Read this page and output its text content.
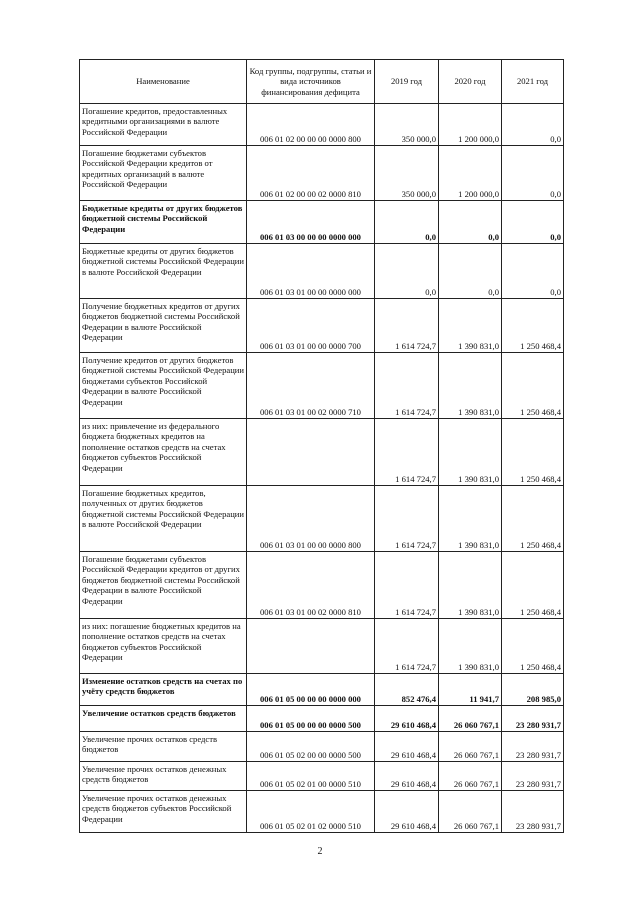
Наименование	Код группы, подгруппы, статьи и вида источников финансирования дефицита	2019 год	2020 год	2021 год
Погашение кредитов, предоставленных кредитными организациями в валюте Российской Федерации	006 01 02 00 00 00 0000 800	350 000,0	1 200 000,0	0,0
Погашение бюджетами субъектов Российской Федерации кредитов от кредитных организаций в валюте Российской Федерации	006 01 02 00 00 02 0000 810	350 000,0	1 200 000,0	0,0
Бюджетные кредиты от других бюджетов бюджетной системы Российской Федерации	006 01 03 00 00 00 0000 000	0,0	0,0	0,0
Бюджетные кредиты от других бюджетов бюджетной системы Российской Федерации в валюте Российской Федерации	006 01 03 01 00 00 0000 000	0,0	0,0	0,0
Получение бюджетных кредитов от других бюджетов бюджетной системы Российской Федерации в валюте Российской Федерации	006 01 03 01 00 00 0000 700	1 614 724,7	1 390 831,0	1 250 468,4
Получение кредитов от других бюджетов бюджетной системы Российской Федерации бюджетами субъектов Российской Федерации в валюте Российской Федерации	006 01 03 01 00 02 0000 710	1 614 724,7	1 390 831,0	1 250 468,4
из них: привлечение из федерального бюджета бюджетных кредитов на пополнение остатков средств на счетах бюджетов субъектов Российской Федерации		1 614 724,7	1 390 831,0	1 250 468,4
Погашение бюджетных кредитов, полученных от других бюджетов бюджетной системы Российской Федерации в валюте Российской Федерации	006 01 03 01 00 00 0000 800	1 614 724,7	1 390 831,0	1 250 468,4
Погашение бюджетами субъектов Российской Федерации кредитов от других бюджетов бюджетной системы Российской Федерации в валюте Российской Федерации	006 01 03 01 00 02 0000 810	1 614 724,7	1 390 831,0	1 250 468,4
из них: погашение бюджетных кредитов на пополнение остатков средств на счетах бюджетов субъектов Российской Федерации		1 614 724,7	1 390 831,0	1 250 468,4
Изменение остатков средств на счетах по учёту средств бюджетов	006 01 05 00 00 00 0000 000	852 476,4	11 941,7	208 985,0
Увеличение остатков средств бюджетов	006 01 05 00 00 00 0000 500	29 610 468,4	26 060 767,1	23 280 931,7
Увеличение прочих остатков средств бюджетов	006 01 05 02 00 00 0000 500	29 610 468,4	26 060 767,1	23 280 931,7
Увеличение прочих остатков денежных средств бюджетов	006 01 05 02 01 00 0000 510	29 610 468,4	26 060 767,1	23 280 931,7
Увеличение прочих остатков денежных средств бюджетов субъектов Российской Федерации	006 01 05 02 01 02 0000 510	29 610 468,4	26 060 767,1	23 280 931,7
2
